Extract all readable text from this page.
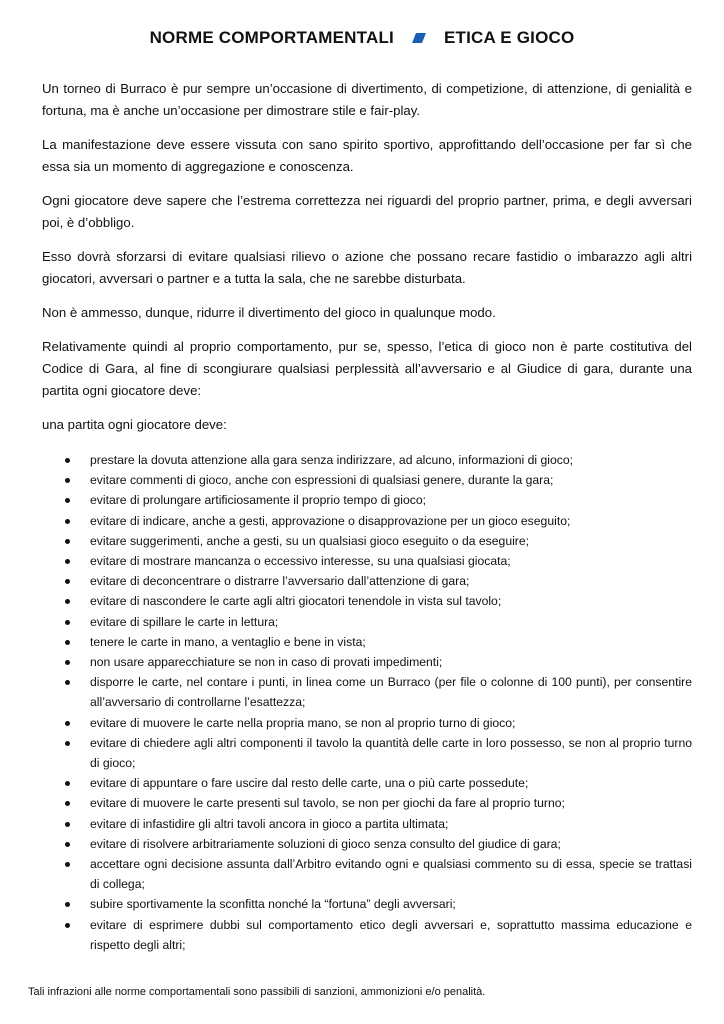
NORME COMPORTAMENTALI	ETICA E GIOCO

Un torneo di Burraco è pur sempre un’occasione di divertimento, di competizione, di attenzione, di genialità e fortuna, ma è anche un’occasione per dimostrare stile e fair-play.

La manifestazione deve essere vissuta con sano spirito sportivo, approfittando dell’occasione per far sì che essa sia un momento di aggregazione e conoscenza.

Ogni giocatore deve sapere che l’estrema correttezza nei riguardi del proprio partner, prima, e degli avversari poi, è d’obbligo.

Esso dovrà sforzarsi di evitare qualsiasi rilievo o azione che possano recare fastidio o imbarazzo agli altri giocatori, avversari o partner e a tutta la sala, che ne sarebbe disturbata.

Non è ammesso, dunque, ridurre il divertimento del gioco in qualunque modo.

Relativamente quindi al proprio comportamento, pur se, spesso, l’etica di gioco non è parte costitutiva del Codice di Gara, al fine di scongiurare qualsiasi perplessità all’avversario e al Giudice di gara, durante una partita ogni giocatore deve:

una partita ogni giocatore deve:

prestare la dovuta attenzione alla gara senza indirizzare, ad alcuno, informazioni di gioco;
evitare commenti di gioco, anche con espressioni di qualsiasi genere, durante la gara;
evitare di prolungare artificiosamente il proprio tempo di gioco;
evitare di indicare, anche a gesti, approvazione o disapprovazione per un gioco eseguito;
evitare suggerimenti, anche a gesti, su un qualsiasi gioco eseguito o da eseguire;
evitare di mostrare mancanza o eccessivo interesse, su una qualsiasi giocata;
evitare di deconcentrare o distrarre l’avversario dall’attenzione di gara;
evitare di nascondere le carte agli altri giocatori tenendole in vista sul tavolo;
evitare di spillare le carte in lettura;
tenere le carte in mano, a ventaglio e bene in vista;
non usare apparecchiature se non in caso di provati impedimenti;
disporre le carte, nel contare i punti, in linea come un Burraco (per file o colonne di 100 punti), per consentire all’avversario di controllarne l’esattezza;
evitare di muovere le carte nella propria mano, se non al proprio turno di gioco;
evitare di chiedere agli altri componenti il tavolo la quantità delle carte in loro possesso, se non al proprio turno di gioco;
evitare di appuntare o fare uscire dal resto delle carte, una o più carte possedute;
evitare di muovere le carte presenti sul tavolo, se non per giochi da fare al proprio turno;
evitare di infastidire gli altri tavoli ancora in gioco a partita ultimata;
evitare di risolvere arbitrariamente soluzioni di gioco senza consulto del giudice di gara;
accettare ogni decisione assunta dall’Arbitro evitando ogni e qualsiasi commento su di essa, specie se trattasi di collega;
subire sportivamente la sconfitta nonché la “fortuna” degli avversari;
evitare di esprimere dubbi sul comportamento etico degli avversari e, soprattutto massima educazione e rispetto degli altri;
Tali infrazioni alle norme comportamentali sono passibili di sanzioni, ammonizioni e/o penalità.
